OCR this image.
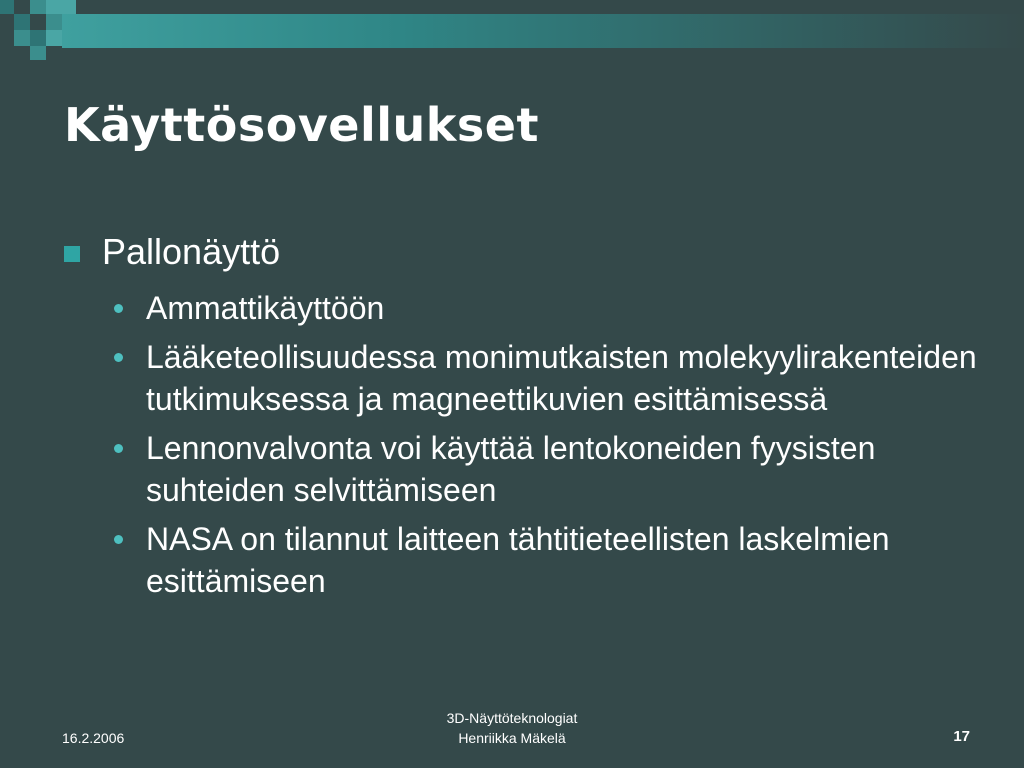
Käyttösovellukset
Pallonäyttö
Ammattikäyttöön
Lääketeollisuudessa monimutkaisten molekyylirakenteiden tutkimuksessa ja magneettikuvien esittämisessä
Lennonvalvonta voi käyttää lentokoneiden fyysisten suhteiden selvittämiseen
NASA on tilannut laitteen tähtitieteellisten laskelmien esittämiseen
16.2.2006
3D-Näyttöteknologiat
Henriikka Mäkelä	17
